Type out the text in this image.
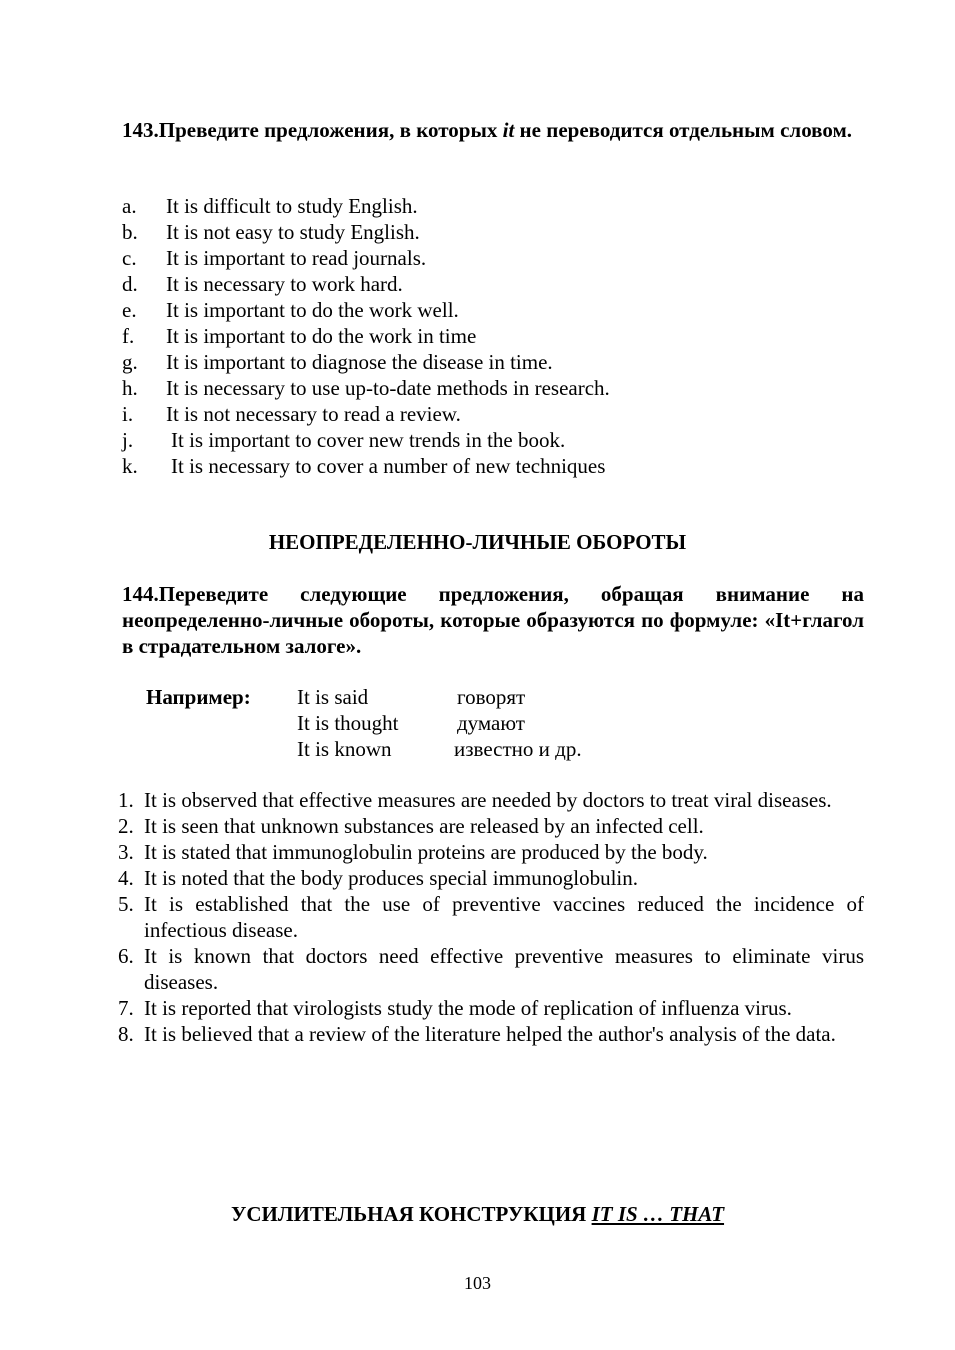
143.Преведите предложения, в которых it не переводится отдельным словом.
a.	It is difficult to study English.
b.	It is not easy to study English.
c.	It is important to read journals.
d.	It is necessary to work hard.
e.	It is important to do the work well.
f.	It is important to do the work in time
g.	It is important to diagnose the disease in time.
h.	It is necessary to use up-to-date methods in research.
i.	It is not necessary to read a review.
j.	It is important to cover new trends in the book.
k.	It is necessary to cover a number of new techniques
НЕОПРЕДЕЛЕННО-ЛИЧНЫЕ ОБОРОТЫ
144.Переведите следующие предложения, обращая внимание на неопределенно-личные обороты, которые образуются по формуле: «It+глагол в страдательном залоге».
Например: It is said	говорят
It is thought	думают
It is known	известно и др.
1. It is observed that effective measures are needed by doctors to treat viral diseases.
2. It is seen that unknown substances are released by an infected cell.
3. It is stated that immunoglobulin proteins are produced by the body.
4. It is noted that the body produces special immunoglobulin.
5. It is established that the use of preventive vaccines reduced the incidence of infectious disease.
6. It is known that doctors need effective preventive measures to eliminate virus diseases.
7. It is reported that virologists study the mode of replication of influenza virus.
8. It is believed that a review of the literature helped the author's analysis of the data.
УСИЛИТЕЛЬНАЯ КОНСТРУКЦИЯ IT IS … THAT
103
